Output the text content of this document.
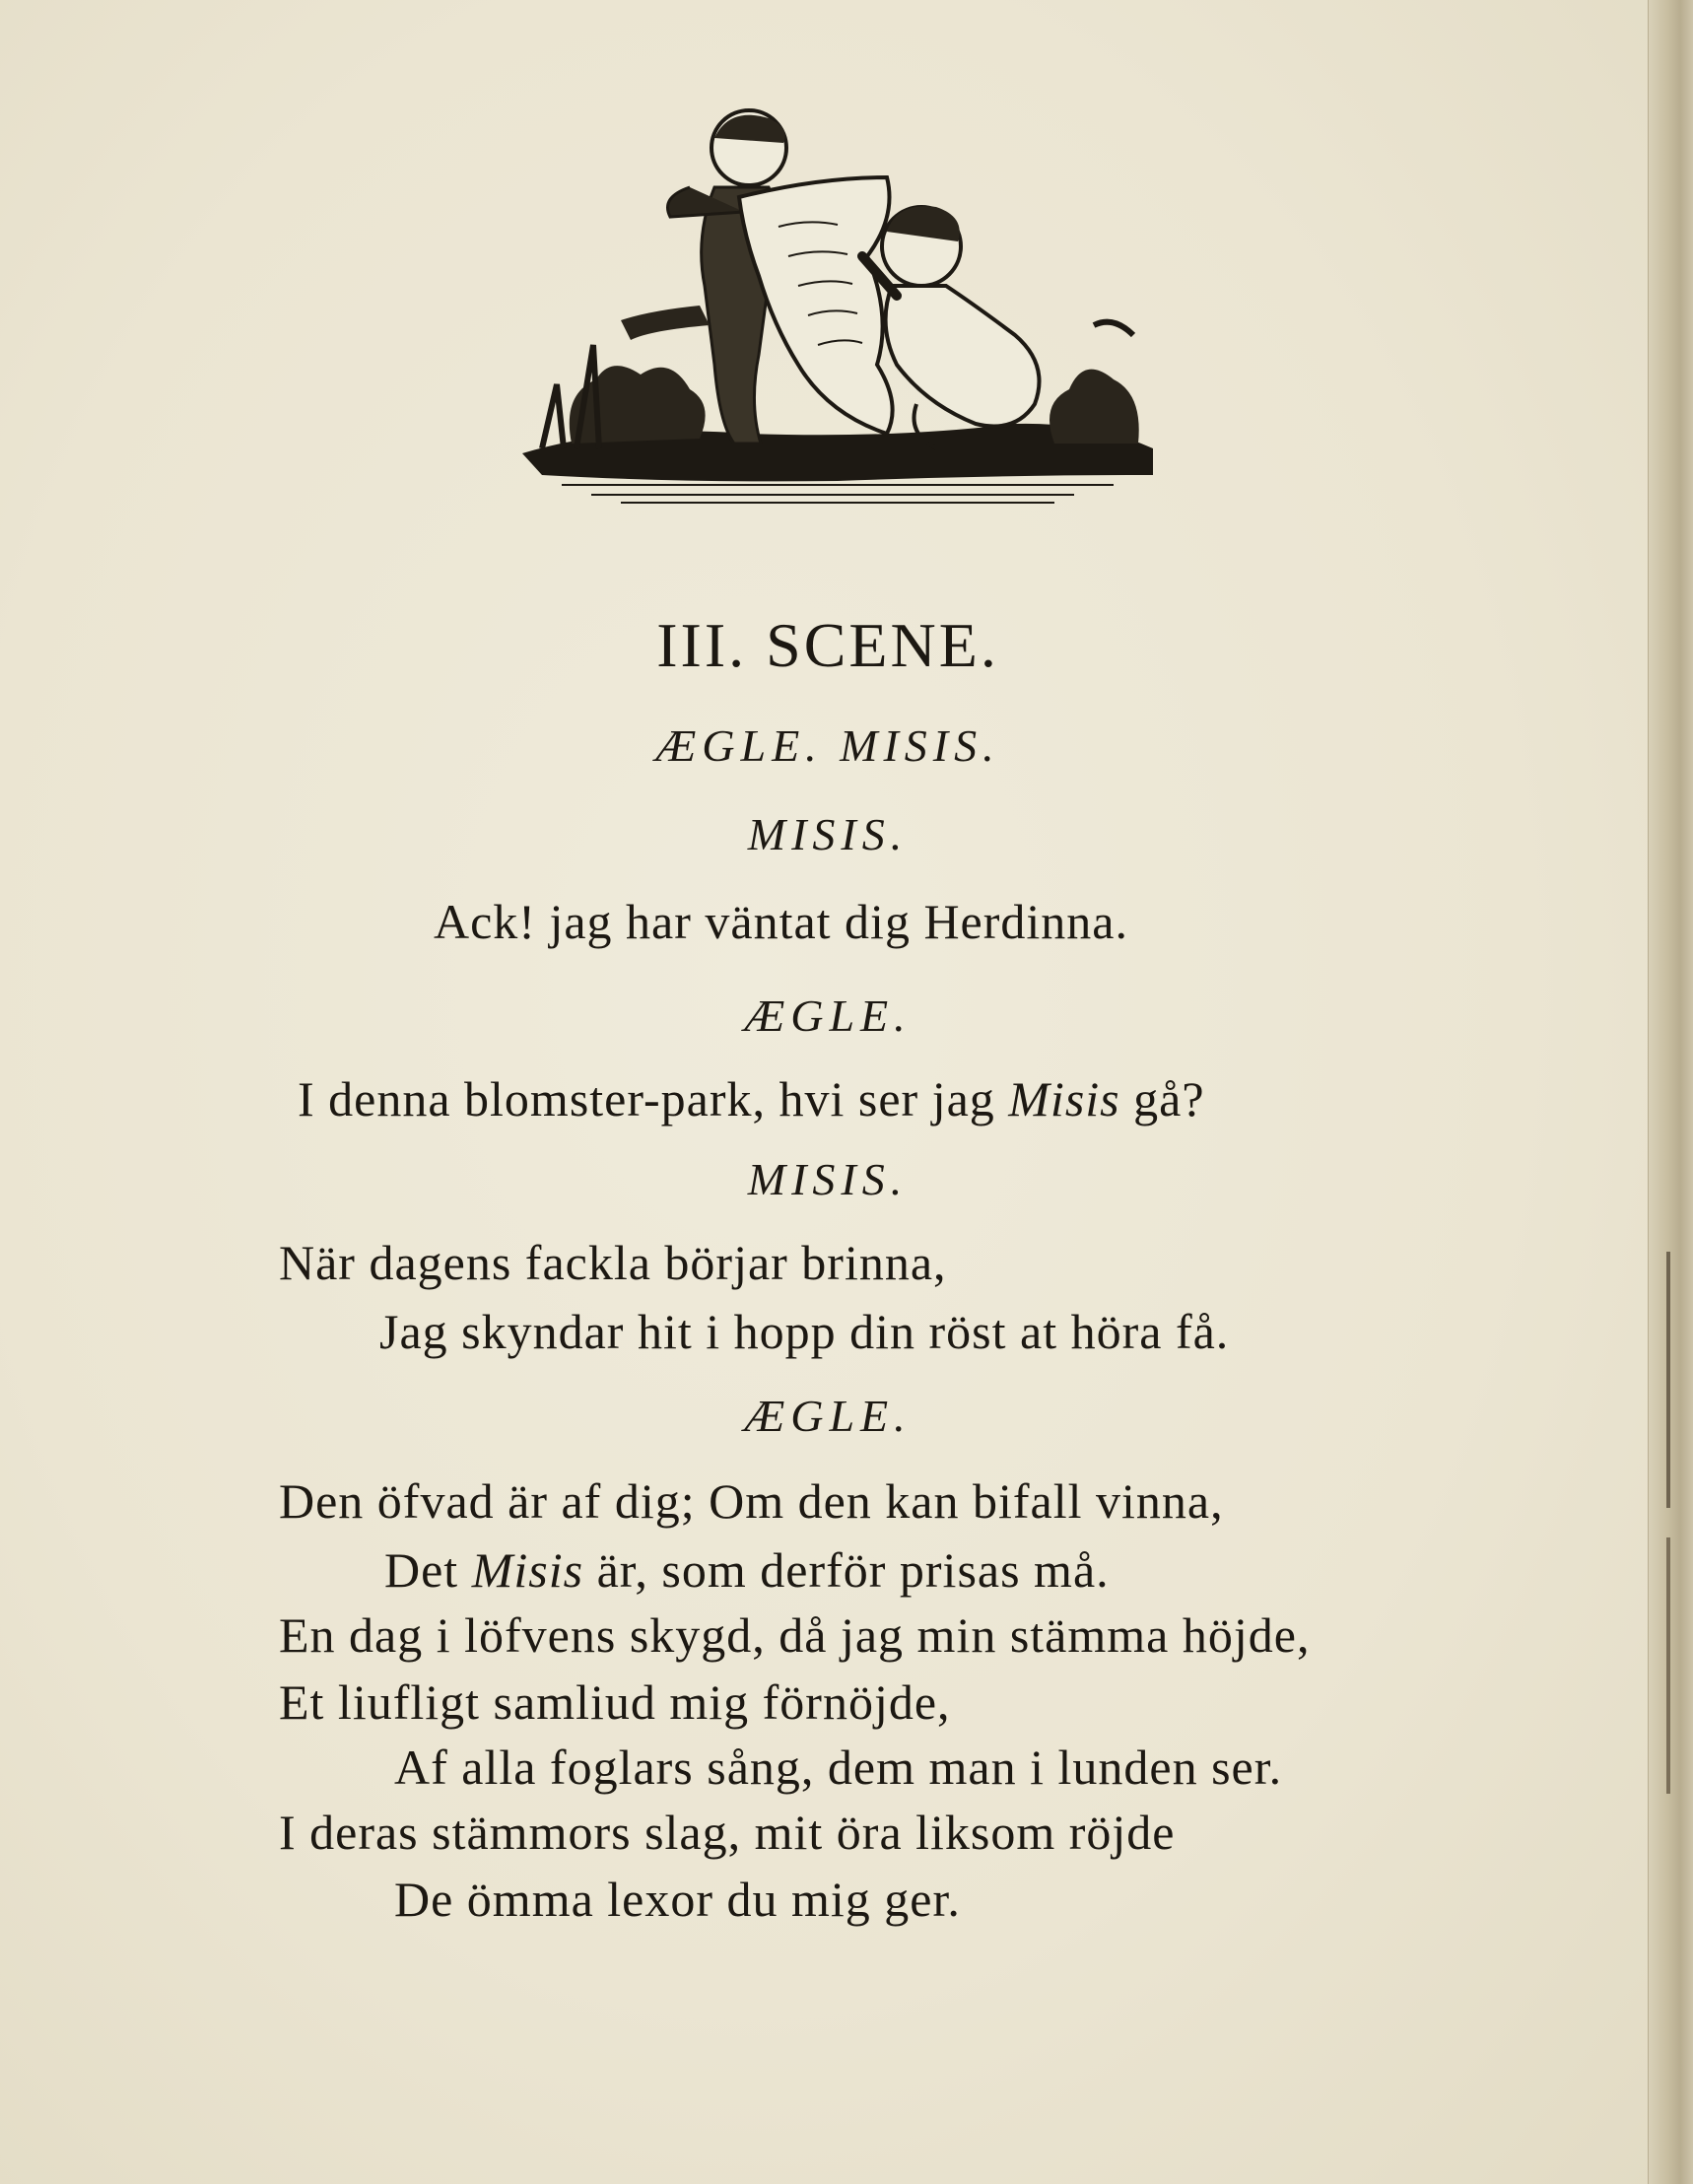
III. SCENE.
ÆGLE. MISIS.
MISIS.
Ack! jag har väntat dig Herdinna.
ÆGLE.
I denna blomster-park, hvi ser jag Misis gå?
MISIS.
När dagens fackla börjar brinna,
Jag skyndar hit i hopp din röst at höra få.
ÆGLE.
Den öfvad är af dig; Om den kan bifall vinna,
Det Misis är, som derför prisas må.
En dag i löfvens skygd, då jag min stämma höjde,
Et liufligt samliud mig förnöjde,
Af alla foglars sång, dem man i lunden ser.
I deras stämmors slag, mit öra liksom röjde
De ömma lexor du mig ger.
